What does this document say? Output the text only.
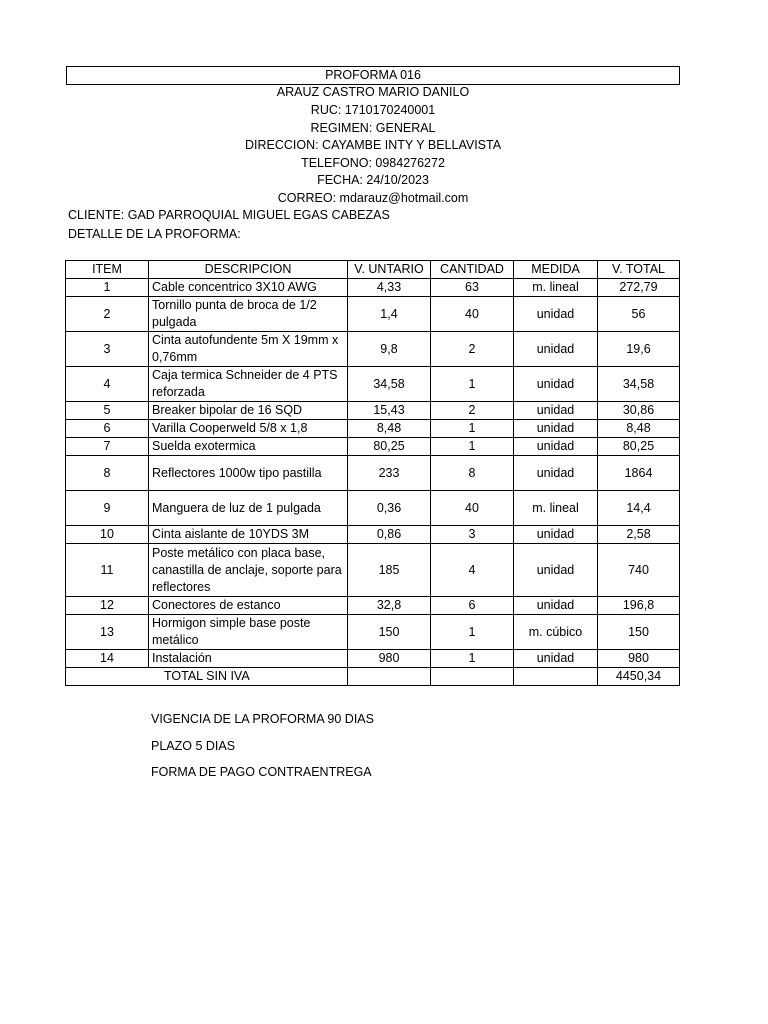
PROFORMA 016
ARAUZ CASTRO MARIO DANILO
RUC: 1710170240001
REGIMEN: GENERAL
DIRECCION: CAYAMBE INTY Y BELLAVISTA
TELEFONO: 0984276272
FECHA: 24/10/2023
CORREO: mdarauz@hotmail.com
CLIENTE: GAD PARROQUIAL MIGUEL EGAS CABEZAS
DETALLE DE LA PROFORMA:
ITEM	DESCRIPCION	V. UNTARIO	CANTIDAD	MEDIDA	V. TOTAL
1	Cable concentrico 3X10 AWG	4,33	63	m. lineal	272,79
2	Tornillo punta de broca de 1/2 pulgada	1,4	40	unidad	56
3	Cinta autofundente 5m X 19mm x 0,76mm	9,8	2	unidad	19,6
4	Caja termica Schneider de 4 PTS reforzada	34,58	1	unidad	34,58
5	Breaker bipolar de 16 SQD	15,43	2	unidad	30,86
6	Varilla Cooperweld 5/8 x 1,8	8,48	1	unidad	8,48
7	Suelda exotermica	80,25	1	unidad	80,25
8	Reflectores 1000w tipo pastilla	233	8	unidad	1864
9	Manguera de luz de 1 pulgada	0,36	40	m. lineal	14,4
10	Cinta aislante de 10YDS 3M	0,86	3	unidad	2,58
11	Poste metálico con placa base, canastilla de anclaje, soporte para reflectores	185	4	unidad	740
12	Conectores de estanco	32,8	6	unidad	196,8
13	Hormigon simple base poste metálico	150	1	m. cúbico	150
14	Instalación	980	1	unidad	980
TOTAL SIN IVA					4450,34
VIGENCIA DE LA PROFORMA 90 DIAS
PLAZO 5 DIAS
FORMA DE PAGO CONTRAENTREGA
